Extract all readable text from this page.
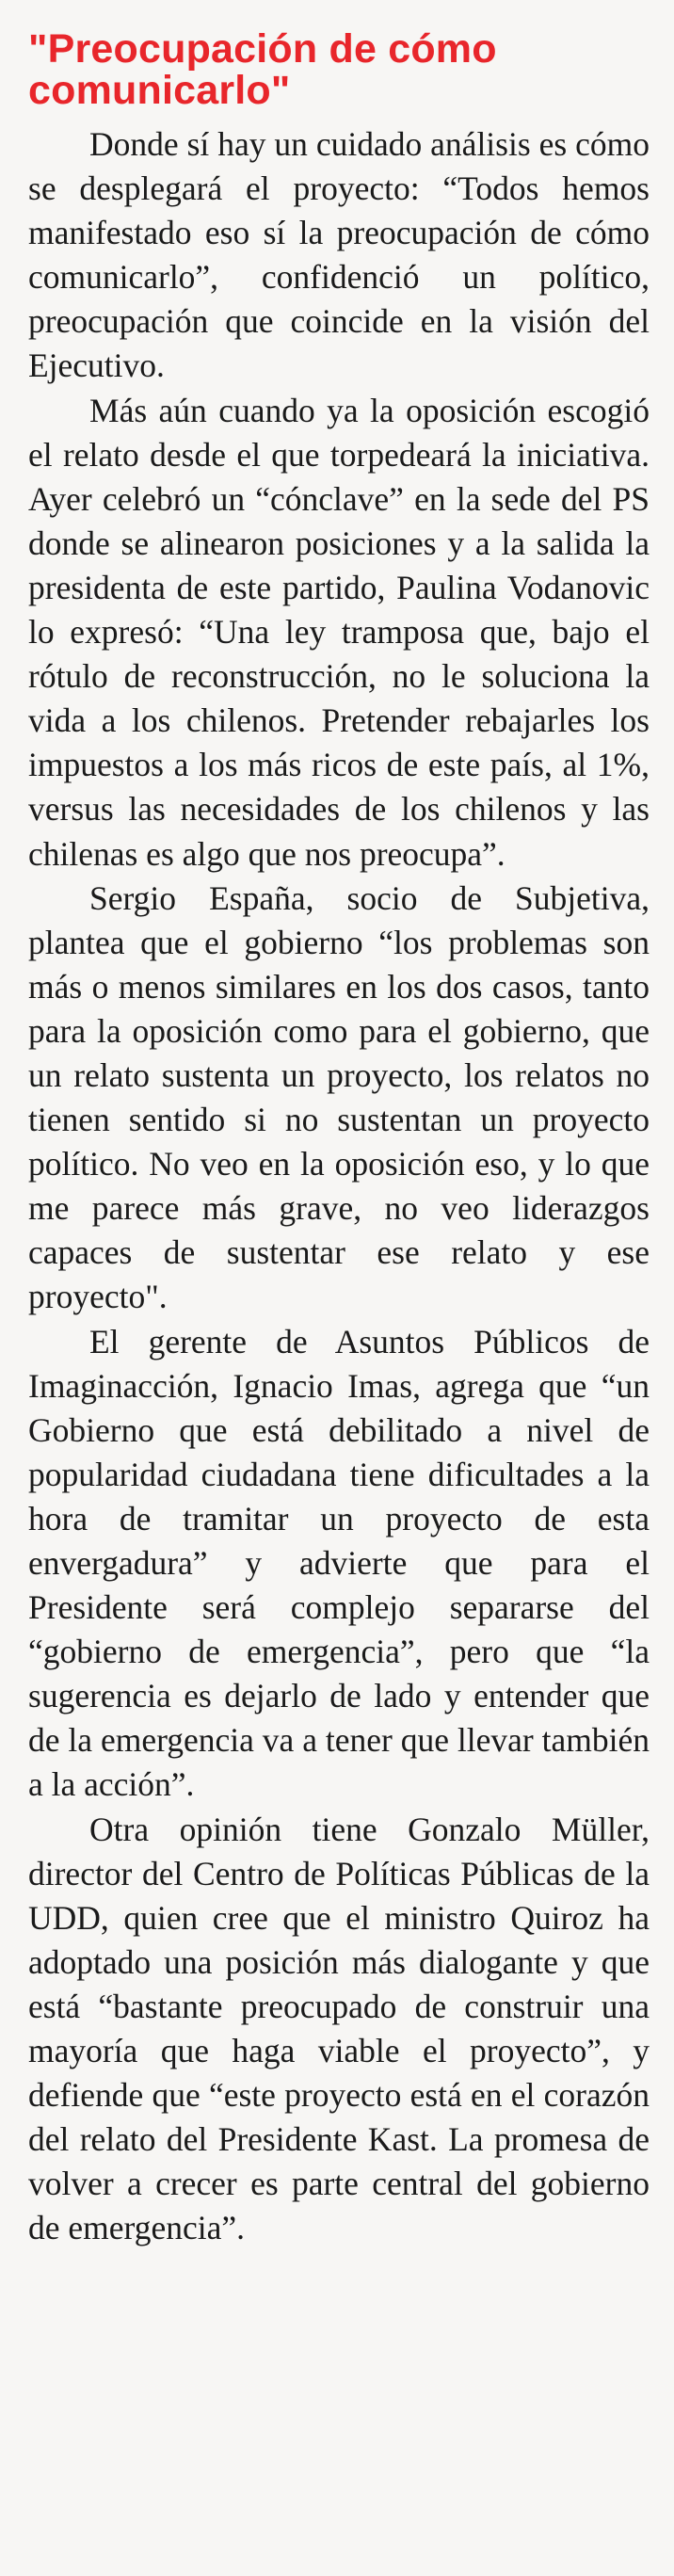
"Preocupación de cómo comunicarlo"

Donde sí hay un cuidado análisis es cómo se desplegará el proyecto: “Todos hemos manifestado eso sí la preocupación de cómo comunicarlo”, confidenció un político, preocupación que coincide en la visión del Ejecutivo.

Más aún cuando ya la oposición escogió el relato desde el que torpedeará la iniciativa. Ayer celebró un “cónclave” en la sede del PS donde se alinearon posiciones y a la salida la presidenta de este partido, Paulina Vodanovic lo expresó: “Una ley tramposa que, bajo el rótulo de reconstrucción, no le soluciona la vida a los chilenos. Pretender rebajarles los impuestos a los más ricos de este país, al 1%, versus las necesidades de los chilenos y las chilenas es algo que nos preocupa”.

Sergio España, socio de Subjetiva, plantea que el gobierno “los problemas son más o menos similares en los dos casos, tanto para la oposición como para el gobierno, que un relato sustenta un proyecto, los relatos no tienen sentido si no sustentan un proyecto político. No veo en la oposición eso, y lo que me parece más grave, no veo liderazgos capaces de sustentar ese relato y ese proyecto".

El gerente de Asuntos Públicos de Imaginacción, Ignacio Imas, agrega que “un Gobierno que está debilitado a nivel de popularidad ciudadana tiene dificultades a la hora de tramitar un proyecto de esta envergadura” y advierte que para el Presidente será complejo separarse del “gobierno de emergencia”, pero que “la sugerencia es dejarlo de lado y entender que de la emergencia va a tener que llevar también a la acción”.

Otra opinión tiene Gonzalo Müller, director del Centro de Políticas Públicas de la UDD, quien cree que el ministro Quiroz ha adoptado una posición más dialogante y que está “bastante preocupado de construir una mayoría que haga viable el proyecto”, y defiende que “este proyecto está en el corazón del relato del Presidente Kast. La promesa de volver a crecer es parte central del gobierno de emergencia”.
